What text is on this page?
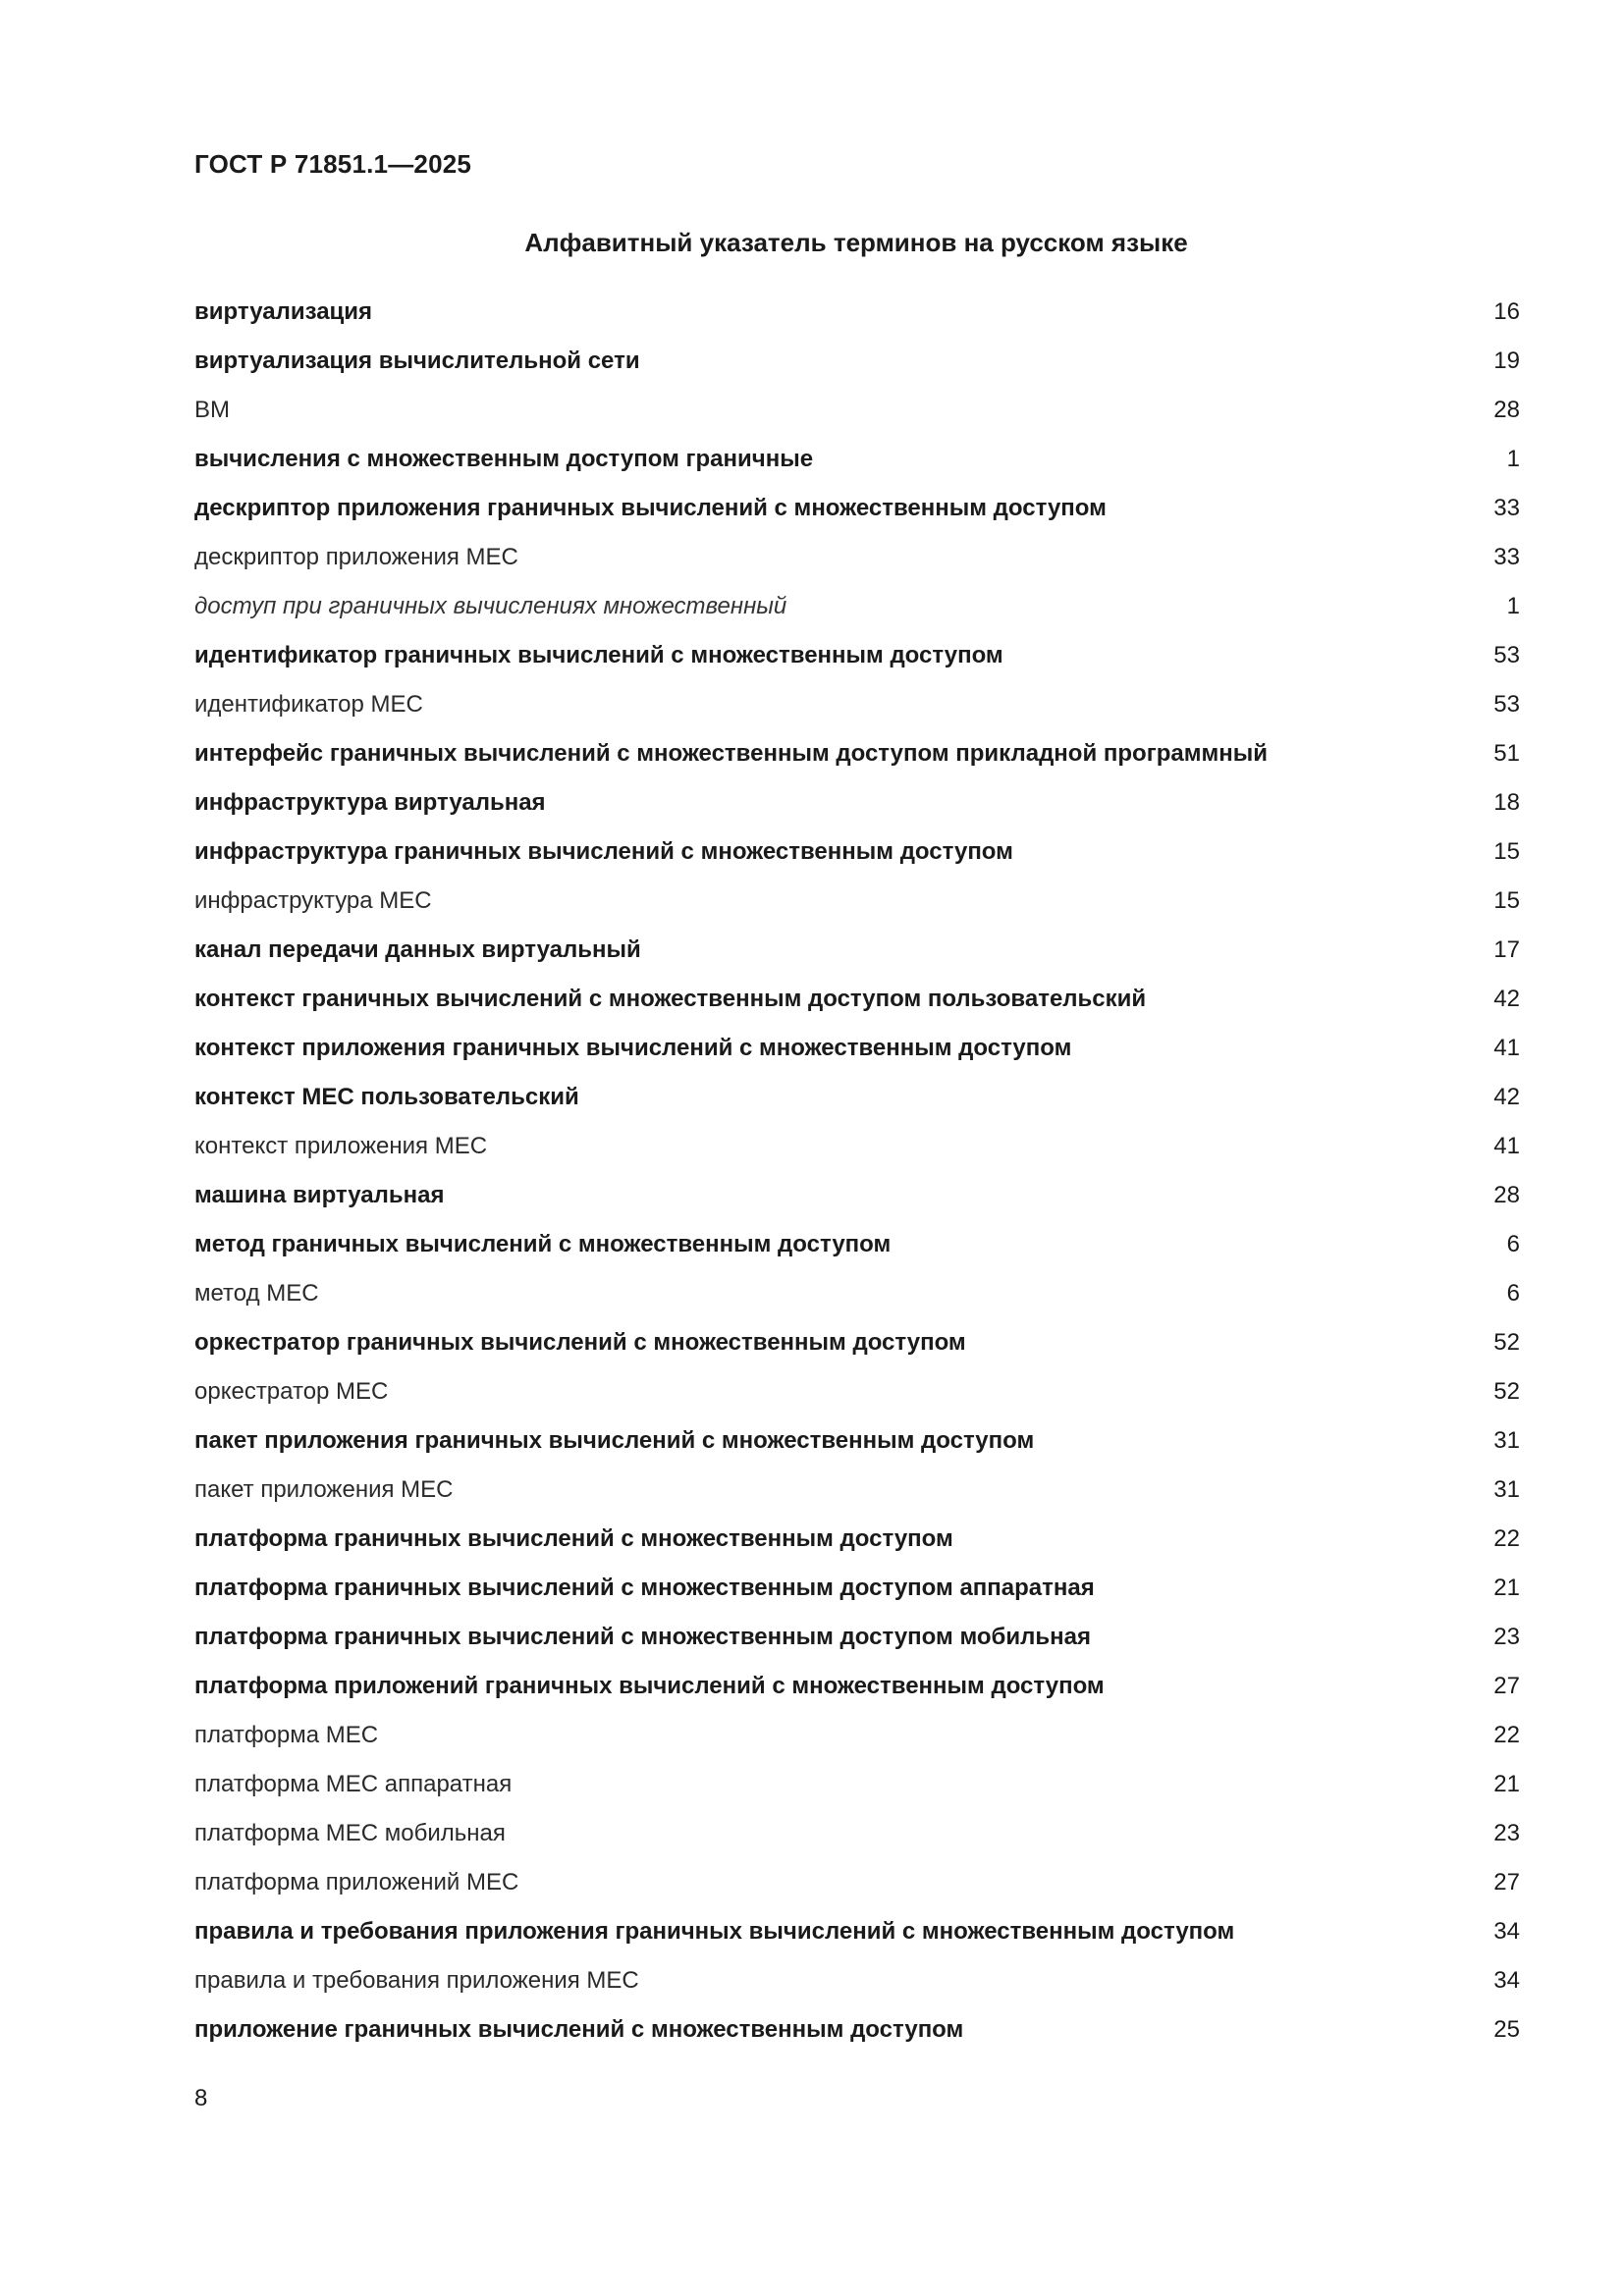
ГОСТ Р 71851.1—2025
Алфавитный указатель терминов на русском языке
виртуализация	16
виртуализация вычислительной сети	19
ВМ	28
вычисления с множественным доступом граничные	1
дескриптор приложения граничных вычислений с множественным доступом	33
дескриптор приложения МЕС	33
доступ при граничных вычислениях множественный	1
идентификатор граничных вычислений с множественным доступом	53
идентификатор МЕС	53
интерфейс граничных вычислений с множественным доступом прикладной программный	51
инфраструктура виртуальная	18
инфраструктура граничных вычислений с множественным доступом	15
инфраструктура МЕС	15
канал передачи данных виртуальный	17
контекст граничных вычислений с множественным доступом пользовательский	42
контекст приложения граничных вычислений с множественным доступом	41
контекст МЕС пользовательский	42
контекст приложения МЕС	41
машина виртуальная	28
метод граничных вычислений с множественным доступом	6
метод МЕС	6
оркестратор граничных вычислений с множественным доступом	52
оркестратор МЕС	52
пакет приложения граничных вычислений с множественным доступом	31
пакет приложения МЕС	31
платформа граничных вычислений с множественным доступом	22
платформа граничных вычислений с множественным доступом аппаратная	21
платформа граничных вычислений с множественным доступом мобильная	23
платформа приложений граничных вычислений с множественным доступом	27
платформа МЕС	22
платформа МЕС аппаратная	21
платформа МЕС мобильная	23
платформа приложений МЕС	27
правила и требования приложения граничных вычислений с множественным доступом	34
правила и требования приложения МЕС	34
приложение граничных вычислений с множественным доступом	25
8
